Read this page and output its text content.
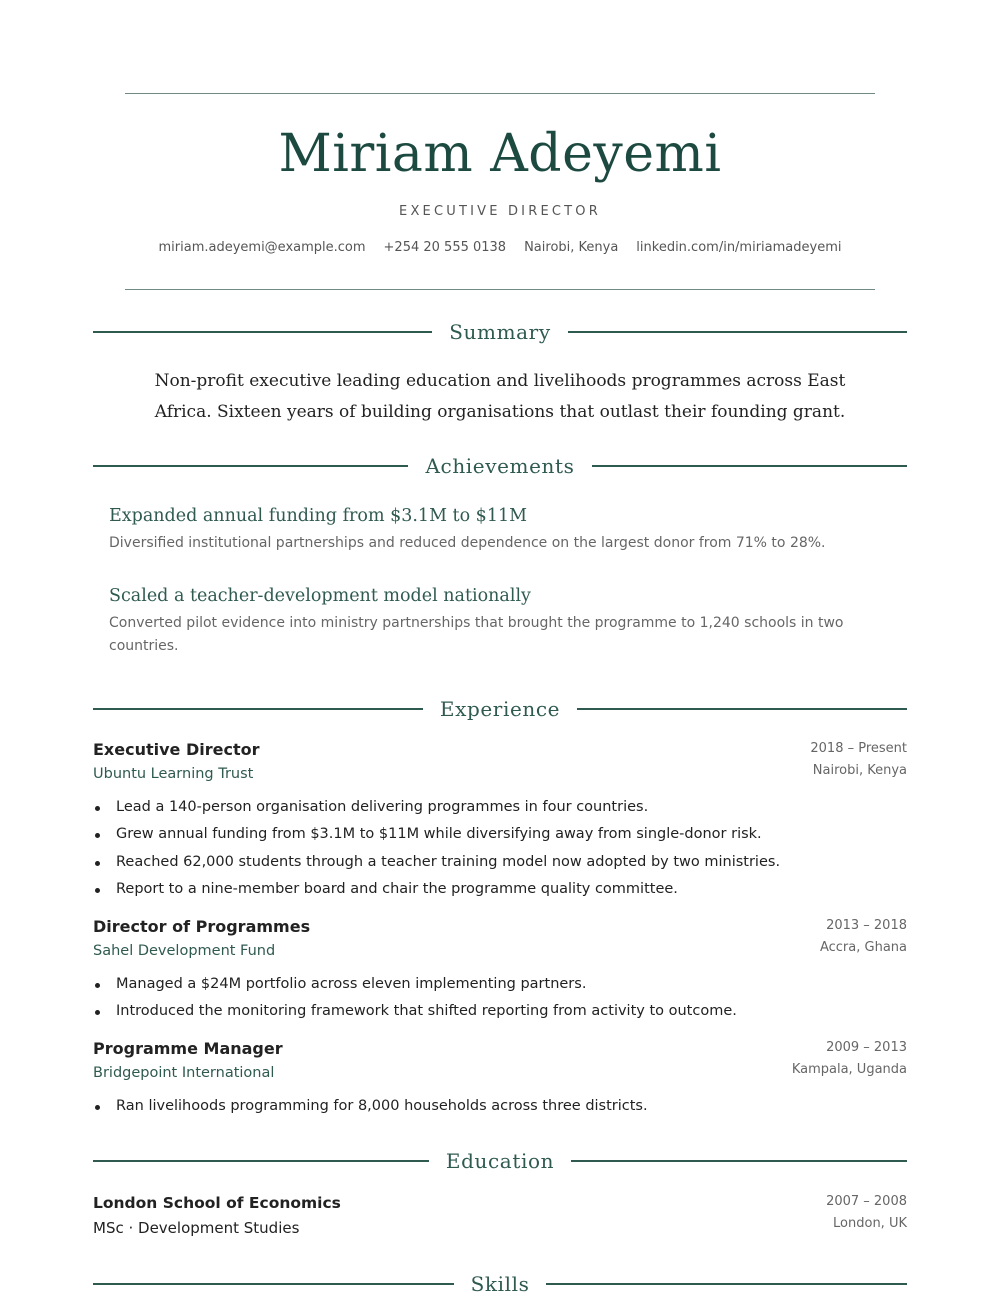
Miriam Adeyemi
EXECUTIVE DIRECTOR
miriam.adeyemi@example.com +254 20 555 0138 Nairobi, Kenya linkedin.com/in/miriamadeyemi
Summary
Non-profit executive leading education and livelihoods programmes across East Africa. Sixteen years of building organisations that outlast their founding grant.
Achievements
Expanded annual funding from $3.1M to $11M
Diversified institutional partnerships and reduced dependence on the largest donor from 71% to 28%.
Scaled a teacher-development model nationally
Converted pilot evidence into ministry partnerships that brought the programme to 1,240 schools in two countries.
Experience
Executive Director
Ubuntu Learning Trust
2018 – Present
Nairobi, Kenya
Lead a 140-person organisation delivering programmes in four countries.
Grew annual funding from $3.1M to $11M while diversifying away from single-donor risk.
Reached 62,000 students through a teacher training model now adopted by two ministries.
Report to a nine-member board and chair the programme quality committee.
Director of Programmes
Sahel Development Fund
2013 – 2018
Accra, Ghana
Managed a $24M portfolio across eleven implementing partners.
Introduced the monitoring framework that shifted reporting from activity to outcome.
Programme Manager
Bridgepoint International
2009 – 2013
Kampala, Uganda
Ran livelihoods programming for 8,000 households across three districts.
Education
London School of Economics
MSc · Development Studies
2007 – 2008
London, UK
Skills
